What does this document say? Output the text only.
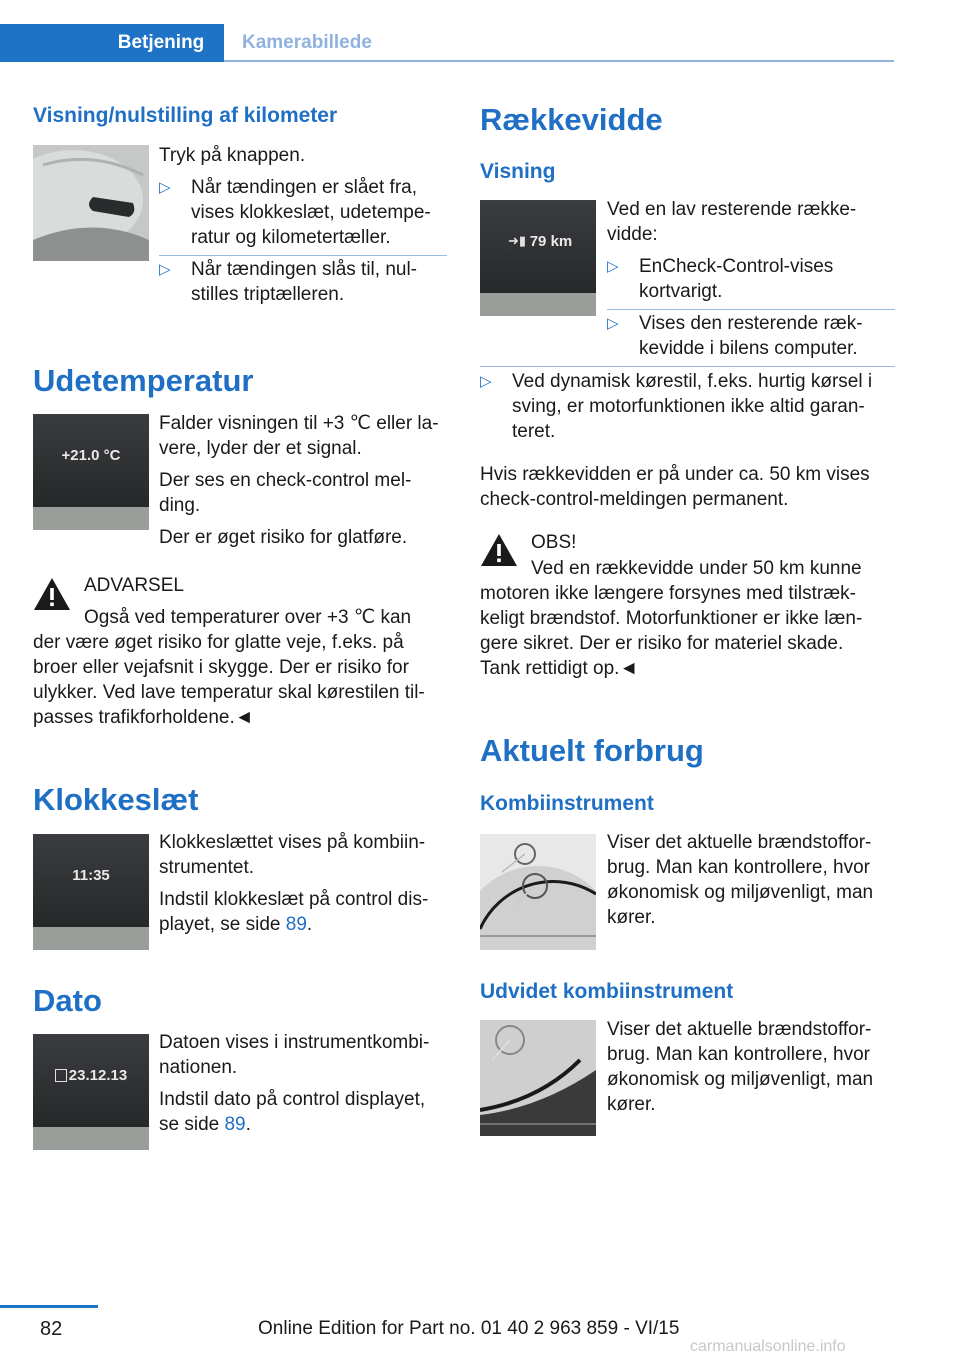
Betjening	Kamerabillede
Visning/nulstilling af kilometer
Tryk på knappen.
▷ Når tændingen er slået fra,
vises klokkeslæt, udetempe-
ratur og kilometertæller.
▷ Når tændingen slås til, nul-
stilles triptælleren.
Udetemperatur
+21.0 °C
Falder visningen til +3 ℃ eller la-
vere, lyder der et signal.
Der ses en check-control mel-
ding.
Der er øget risiko for glatføre.
ADVARSEL
Også ved temperaturer over +3 ℃ kan
der være øget risiko for glatte veje, f.eks. på
broer eller vejafsnit i skygge. Der er risiko for
ulykker. Ved lave temperatur skal kørestilen til-
passes trafikforholdene.◄
Klokkeslæt
11:35
Klokkeslættet vises på kombiin-
strumentet.
Indstil klokkeslæt på control dis-
playet, se side 89.
Dato
23.12.13
Datoen vises i instrumentkombi-
nationen.
Indstil dato på control displayet,
se side 89.
Rækkevidde
Visning
➜▮ 79 km
Ved en lav resterende række-
vidde:
▷ EnCheck-Control-vises
kortvarigt.
▷ Vises den resterende ræk-
kevidde i bilens computer.
▷ Ved dynamisk kørestil, f.eks. hurtig kørsel i
sving, er motorfunktionen ikke altid garan-
teret.
Hvis rækkevidden er på under ca. 50 km vises
check-control-meldingen permanent.
OBS!
Ved en rækkevidde under 50 km kunne
motoren ikke længere forsynes med tilstræk-
keligt brændstof. Motorfunktioner er ikke læn-
gere sikret. Der er risiko for materiel skade.
Tank rettidigt op.◄
Aktuelt forbrug
Kombiinstrument
Viser det aktuelle brændstoffor-
brug. Man kan kontrollere, hvor
økonomisk og miljøvenligt, man
kører.
Udvidet kombiinstrument
Viser det aktuelle brændstoffor-
brug. Man kan kontrollere, hvor
økonomisk og miljøvenligt, man
kører.
82	Online Edition for Part no. 01 40 2 963 859 - VI/15
carmanualsonline.info
